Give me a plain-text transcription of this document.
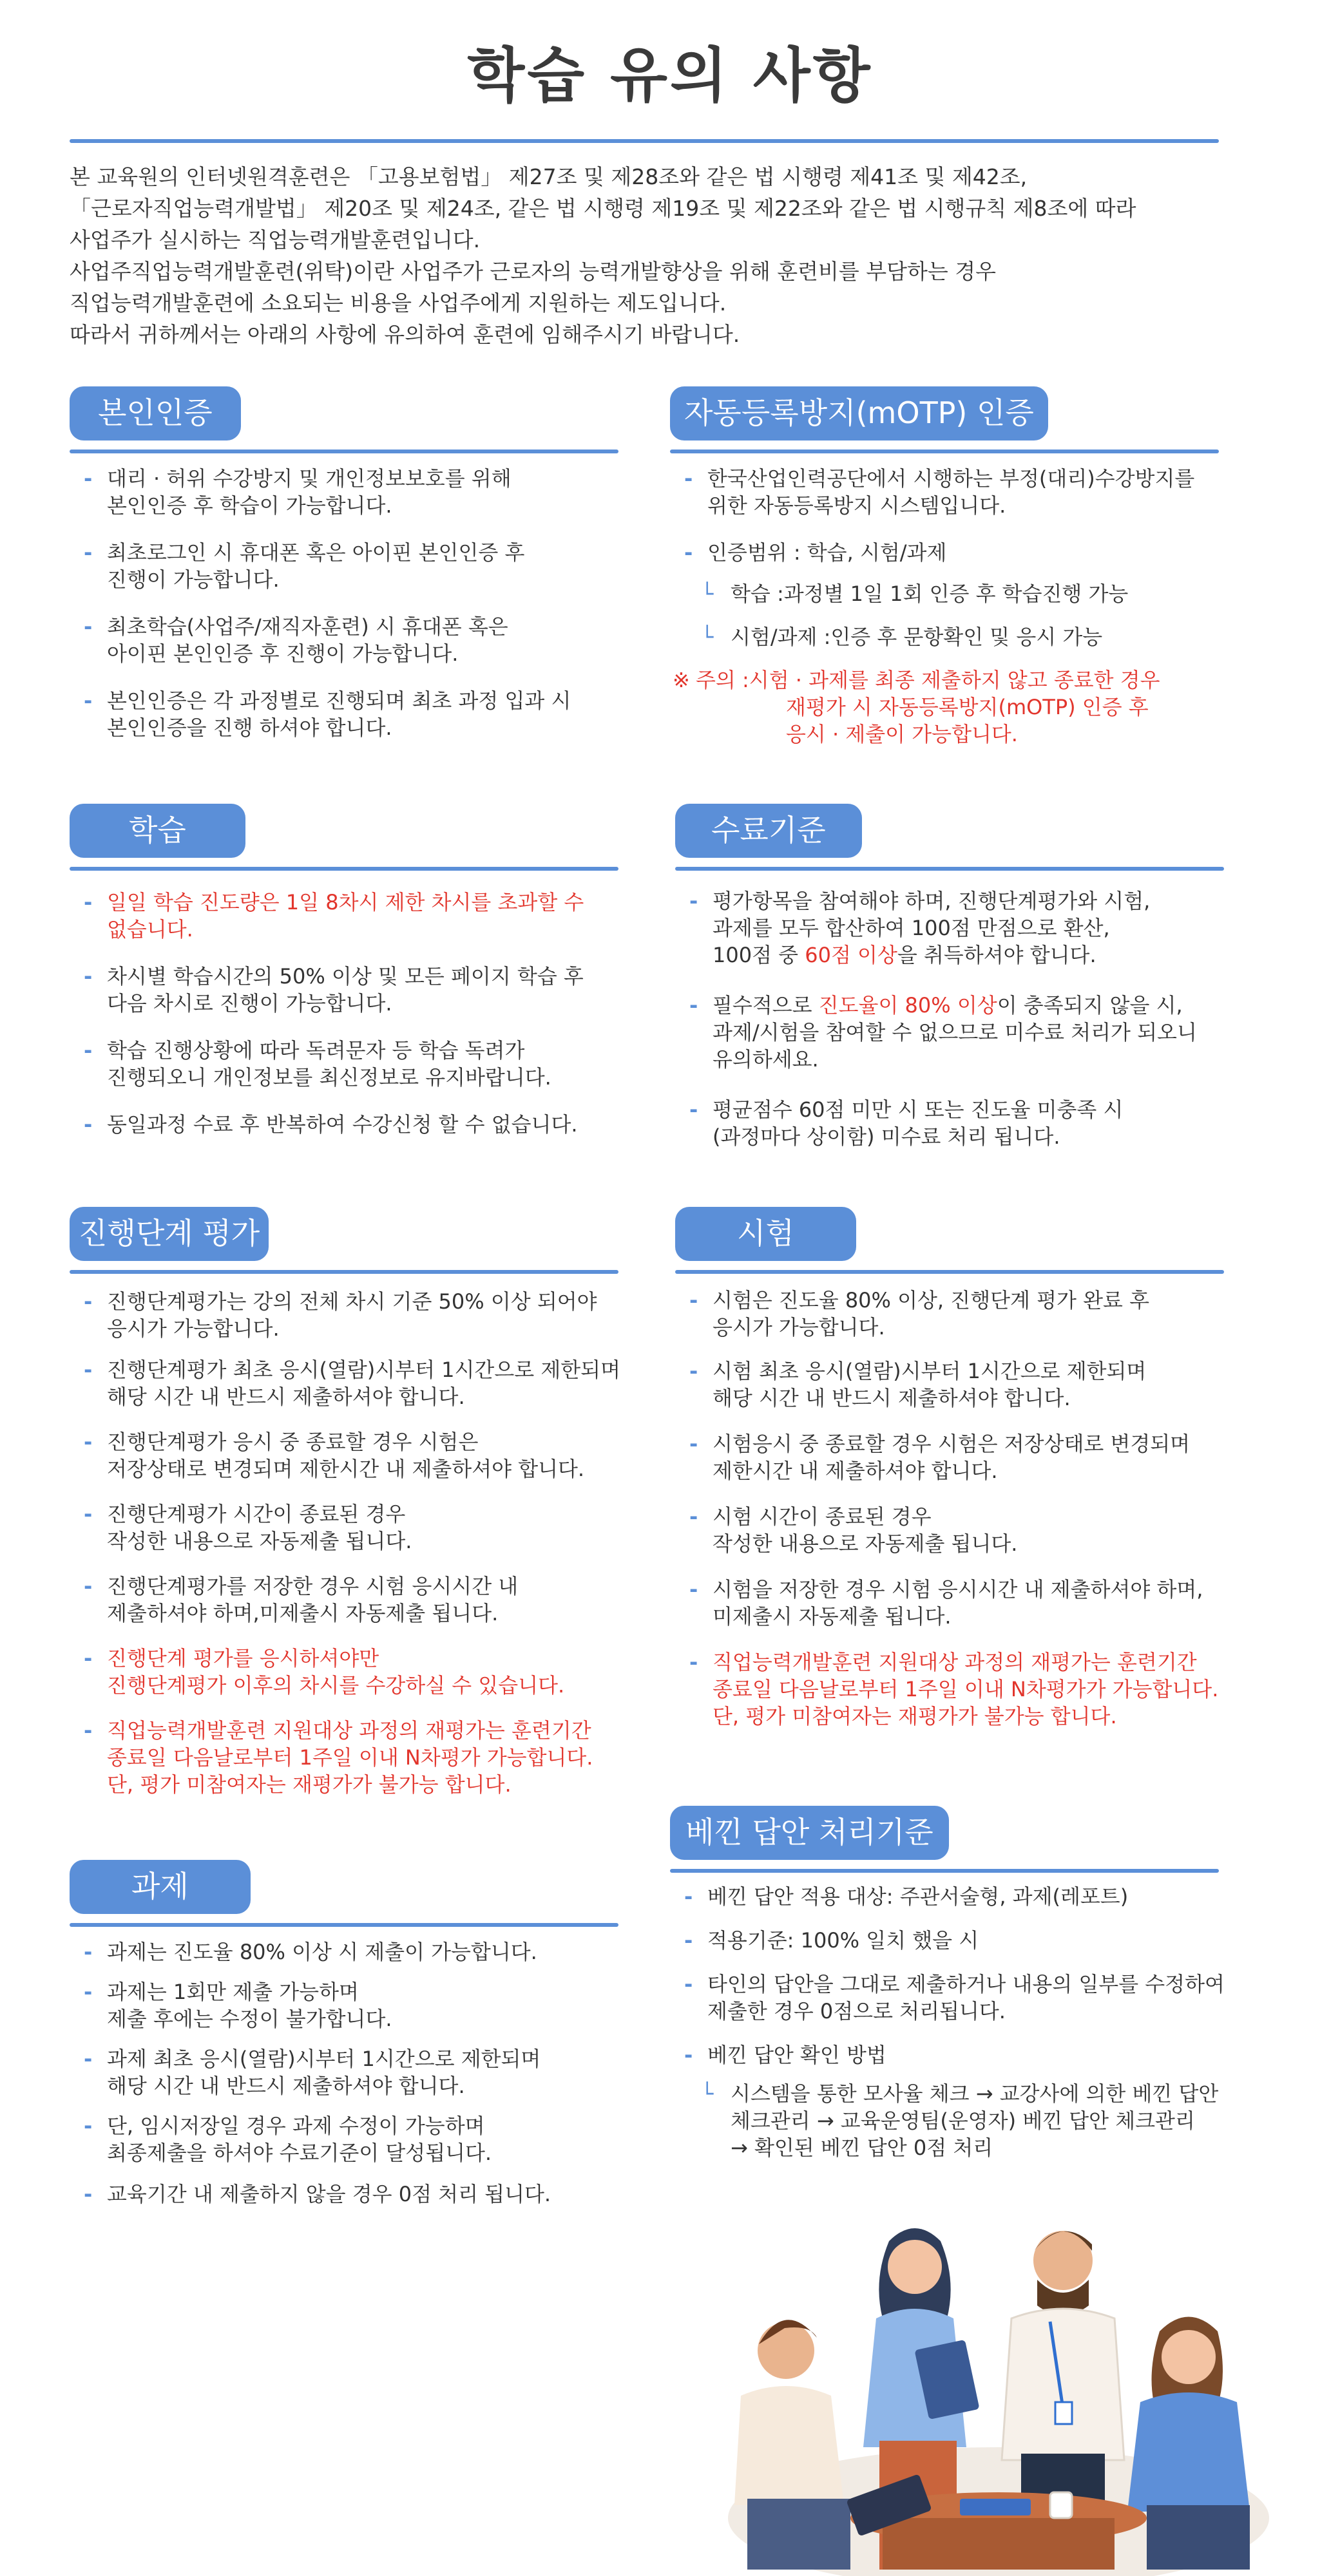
학습 유의 사항

본 교육원의 인터넷원격훈련은 「고용보험법」 제27조 및 제28조와 같은 법 시행령 제41조 및 제42조,

「근로자직업능력개발법」 제20조 및 제24조, 같은 법 시행령 제19조 및 제22조와 같은 법 시행규칙 제8조에 따라

사업주가 실시하는 직업능력개발훈련입니다.

사업주직업능력개발훈련(위탁)이란 사업주가 근로자의 능력개발향상을 위해 훈련비를 부담하는 경우

직업능력개발훈련에 소요되는 비용을 사업주에게 지원하는 제도입니다.

따라서 귀하께서는 아래의 사항에 유의하여 훈련에 임해주시기 바랍니다.

본인인증
- 대리 · 허위 수강방지 및 개인정보보호를 위해
본인인증 후 학습이 가능합니다.
- 최초로그인 시 휴대폰 혹은 아이핀 본인인증 후
진행이 가능합니다.
- 최초학습(사업주/재직자훈련) 시 휴대폰 혹은
아이핀 본인인증 후 진행이 가능합니다.
- 본인인증은 각 과정별로 진행되며 최초 과정 입과 시
본인인증을 진행 하셔야 합니다.
자동등록방지(mOTP) 인증
- 한국산업인력공단에서 시행하는 부정(대리)수강방지를
위한 자동등록방지 시스템입니다.
- 인증범위 : 학습, 시험/과제
└ 학습 :과정별 1일 1회 인증 후 학습진행 가능
└ 시험/과제 :인증 후 문항확인 및 응시 가능
※ 주의 :시험 · 과제를 최종 제출하지 않고 종료한 경우
재평가 시 자동등록방지(mOTP) 인증 후
응시 · 제출이 가능합니다.
학습
- 일일 학습 진도량은 1일 8차시 제한 차시를 초과할 수
없습니다.
- 차시별 학습시간의 50% 이상 및 모든 페이지 학습 후
다음 차시로 진행이 가능합니다.
- 학습 진행상황에 따라 독려문자 등 학습 독려가
진행되오니 개인정보를 최신정보로 유지바랍니다.
- 동일과정 수료 후 반복하여 수강신청 할 수 없습니다.
수료기준
- 평가항목을 참여해야 하며, 진행단계평가와 시험,
과제를 모두 합산하여 100점 만점으로 환산,
100점 중 60점 이상을 취득하셔야 합니다.
- 필수적으로 진도율이 80% 이상이 충족되지 않을 시,
과제/시험을 참여할 수 없으므로 미수료 처리가 되오니
유의하세요.
- 평균점수 60점 미만 시 또는 진도율 미충족 시
(과정마다 상이함) 미수료 처리 됩니다.
진행단계 평가
- 진행단계평가는 강의 전체 차시 기준 50% 이상 되어야
응시가 가능합니다.
- 진행단계평가 최초 응시(열람)시부터 1시간으로 제한되며
해당 시간 내 반드시 제출하셔야 합니다.
- 진행단계평가 응시 중 종료할 경우 시험은
저장상태로 변경되며 제한시간 내 제출하셔야 합니다.
- 진행단계평가 시간이 종료된 경우
작성한 내용으로 자동제출 됩니다.
- 진행단계평가를 저장한 경우 시험 응시시간 내
제출하셔야 하며,미제출시 자동제출 됩니다.
- 진행단계 평가를 응시하셔야만
진행단계평가 이후의 차시를 수강하실 수 있습니다.
- 직업능력개발훈련 지원대상 과정의 재평가는 훈련기간
종료일 다음날로부터 1주일 이내 N차평가 가능합니다.
단, 평가 미참여자는 재평가가 불가능 합니다.
시험
- 시험은 진도율 80% 이상, 진행단계 평가 완료 후
응시가 가능합니다.
- 시험 최초 응시(열람)시부터 1시간으로 제한되며
해당 시간 내 반드시 제출하셔야 합니다.
- 시험응시 중 종료할 경우 시험은 저장상태로 변경되며
제한시간 내 제출하셔야 합니다.
- 시험 시간이 종료된 경우
작성한 내용으로 자동제출 됩니다.
- 시험을 저장한 경우 시험 응시시간 내 제출하셔야 하며,
미제출시 자동제출 됩니다.
- 직업능력개발훈련 지원대상 과정의 재평가는 훈련기간
종료일 다음날로부터 1주일 이내 N차평가가 가능합니다.
단, 평가 미참여자는 재평가가 불가능 합니다.
과제
- 과제는 진도율 80% 이상 시 제출이 가능합니다.
- 과제는 1회만 제출 가능하며
제출 후에는 수정이 불가합니다.
- 과제 최초 응시(열람)시부터 1시간으로 제한되며
해당 시간 내 반드시 제출하셔야 합니다.
- 단, 임시저장일 경우 과제 수정이 가능하며
최종제출을 하셔야 수료기준이 달성됩니다.
- 교육기간 내 제출하지 않을 경우 0점 처리 됩니다.
베낀 답안 처리기준
- 베낀 답안 적용 대상: 주관서술형, 과제(레포트)
- 적용기준: 100% 일치 했을 시
- 타인의 답안을 그대로 제출하거나 내용의 일부를 수정하여
제출한 경우 0점으로 처리됩니다.
- 베낀 답안 확인 방법
└ 시스템을 통한 모사율 체크 → 교강사에 의한 베낀 답안
체크관리 → 교육운영팀(운영자) 베낀 답안 체크관리
→ 확인된 베낀 답안 0점 처리
